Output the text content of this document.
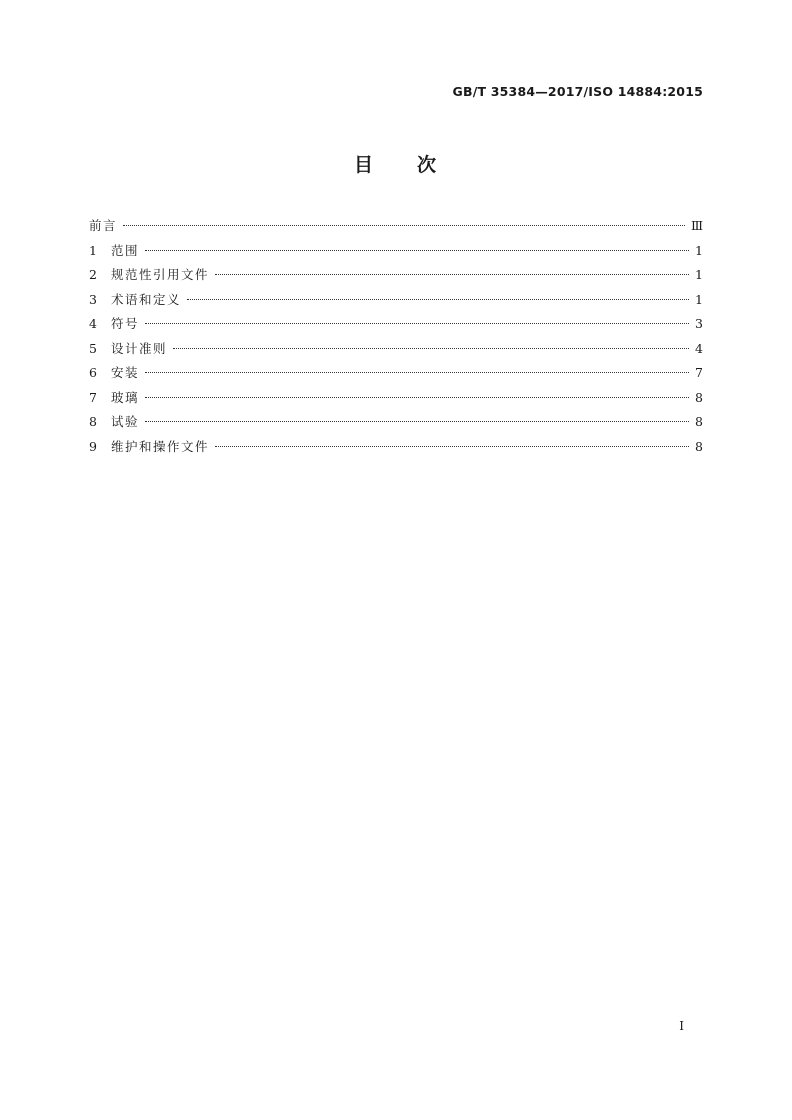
GB/T 35384—2017/ISO 14884:2015
目 次
前言	Ⅲ
1	范围	1
2	规范性引用文件	1
3	术语和定义	1
4	符号	3
5	设计准则	4
6	安装	7
7	玻璃	8
8	试验	8
9	维护和操作文件	8
Ⅰ
